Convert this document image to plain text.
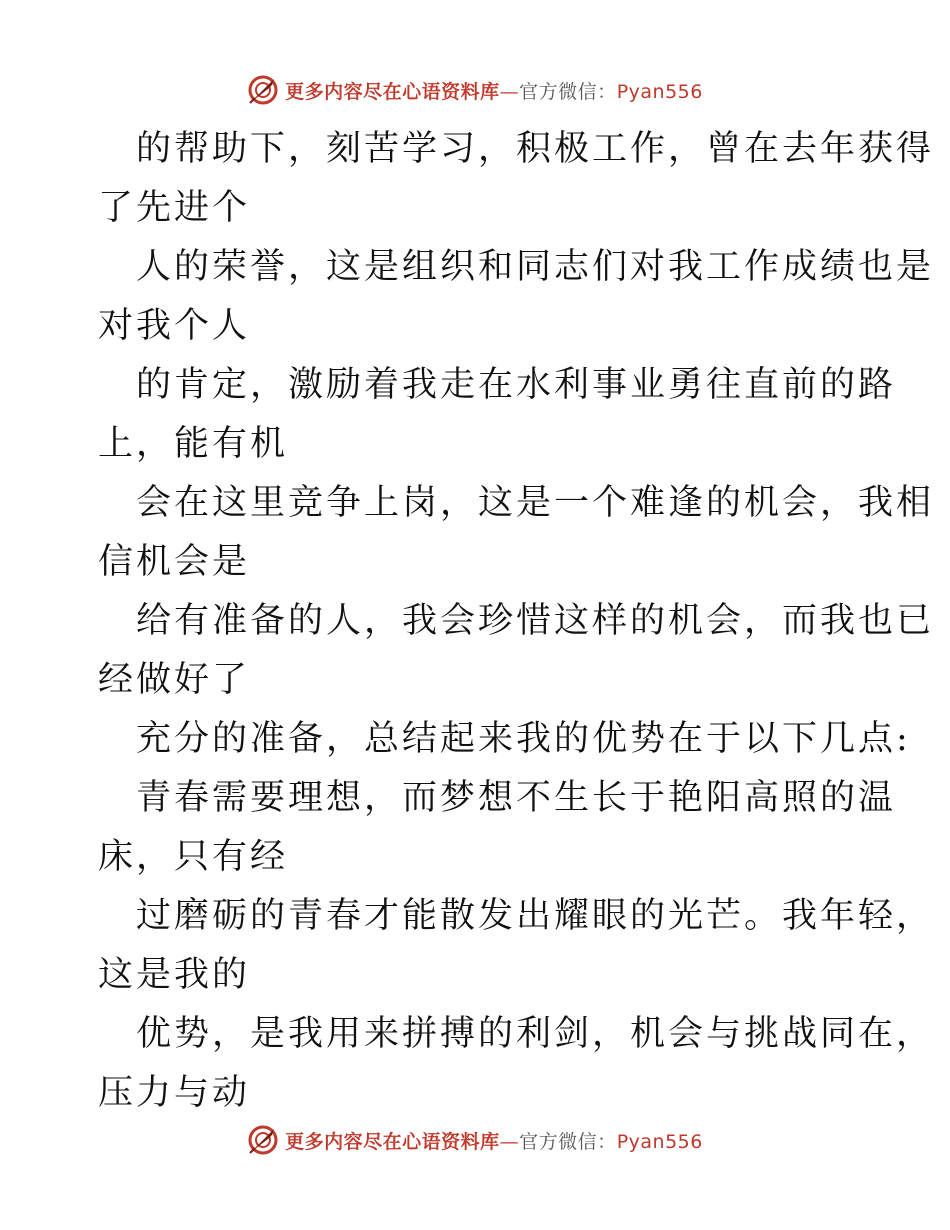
更多内容尽在心语资料库—官方微信：Pyan556
的帮助下，刻苦学习，积极工作，曾在去年获得
了先进个
人的荣誉，这是组织和同志们对我工作成绩也是
对我个人
的肯定，激励着我走在水利事业勇往直前的路
上，能有机
会在这里竞争上岗，这是一个难逢的机会，我相
信机会是
给有准备的人，我会珍惜这样的机会，而我也已
经做好了
充分的准备，总结起来我的优势在于以下几点:
青春需要理想，而梦想不生长于艳阳高照的温
床，只有经
过磨砺的青春才能散发出耀眼的光芒。我年轻，
这是我的
优势，是我用来拼搏的利剑，机会与挑战同在，
压力与动
更多内容尽在心语资料库—官方微信：Pyan556
